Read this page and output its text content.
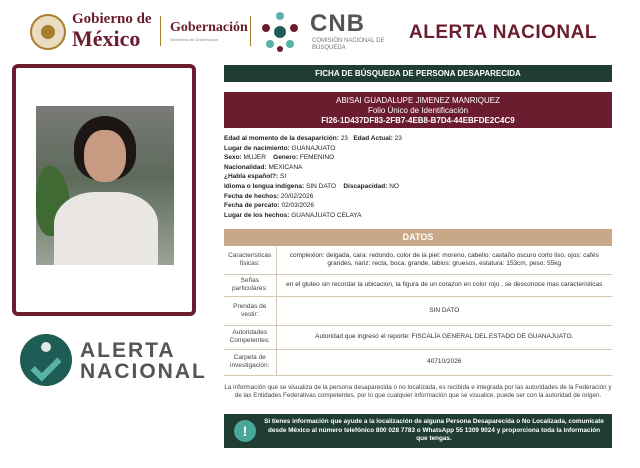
Gobierno de
México	Gobernación
Secretaría de Gobernación
CNB
COMISIÓN NACIONAL DE BÚSQUEDA
ALERTA NACIONAL
ALERTA
NACIONAL
FICHA DE BÚSQUEDA DE PERSONA DESAPARECIDA
ABISAI GUADALUPE JIMENEZ MANRIQUEZ
Folio Único de Identificación
FI26-1D437DF83-2FB7-4EB8-B7D4-44EBFDE2C4C9
Edad al momento de la desaparición: 23 Edad Actual: 23
Lugar de nacimiento: GUANAJUATO
Sexo: MUJER Genero: FEMENINO
Nacionalidad: MEXICANA
¿Habla español?: SI
Idioma o lengua indígena: SIN DATO Discapacidad: NO
Fecha de hechos: 20/02/2026
Fecha de percato: 02/03/2026
Lugar de los hechos: GUANAJUATO CELAYA
DATOS
Características físicas:	complexion: delgada, cara: redondo, color de la piel: moreno, cabello: castaño oscuro corto liso, ojos: cafés grandes, nariz: recta, boca: grande, labios: gruesos, estatura: 153cm, peso: 55kg
Señas particulares:	en el gluteo sin recordar la ubicacion, la figura de un corazon en color rojo , se desconoce mas caracteristicas
Prendas de vestir:	SIN DATO
Autoridades Competentes:	Autoridad que ingresó el reporte: FISCALÍA GENERAL DEL ESTADO DE GUANAJUATO.
Carpeta de investigación:	40710/2026
La información que se visualiza de la persona desaparecida o no localizada, es recibida e integrada por las autoridades de la Federación y de las Entidades Federativas competentes, por lo que cualquier información que se visualice, puede ser con la autoridad de origen.
!
Si tienes información que ayude a la localización de alguna Persona Desaparecida o No Localizada, comunícate desde México al número telefónico 800 028 7783 o WhatsApp 55 1309 9024 y proporciona toda la información que tengas.
